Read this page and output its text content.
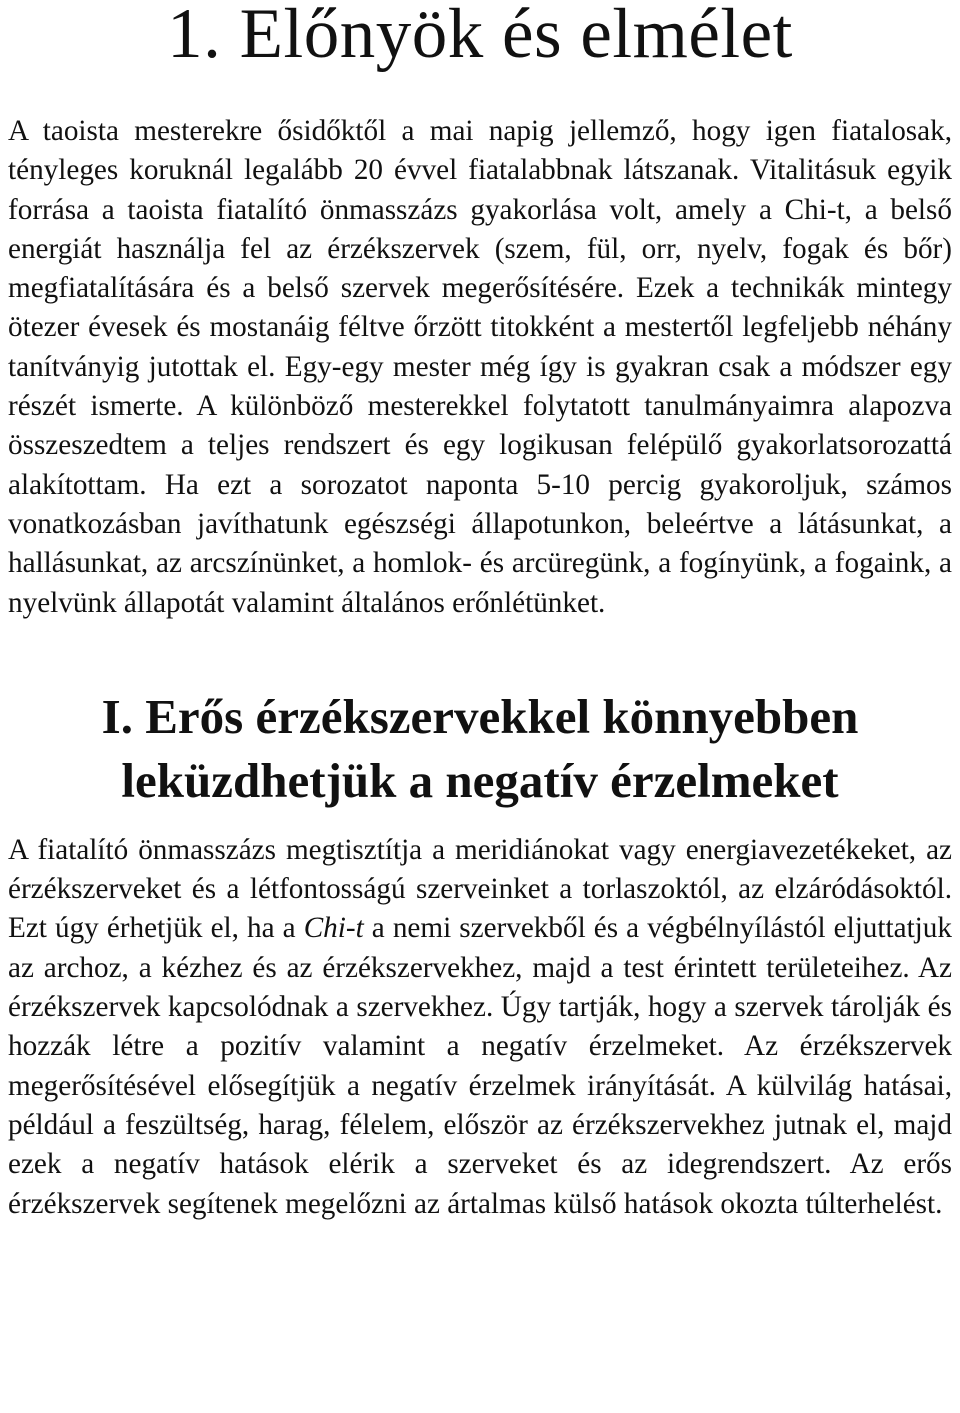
1. Előnyök és elmélet

A taoista mesterekre ősidőktől a mai napig jellemző, hogy igen fiatalosak, tényleges koruknál legalább 20 évvel fiatalabbnak látszanak. Vitalitásuk egyik forrása a taoista fiatalító önmasszázs gyakorlása volt, amely a Chi-t, a belső energiát használja fel az érzékszervek (szem, fül, orr, nyelv, fogak és bőr) megfiatalítására és a belső szervek megerősítésére. Ezek a technikák mintegy ötezer évesek és mostanáig féltve őrzött titokként a mestertől legfeljebb néhány tanítványig jutottak el. Egy-egy mester még így is gyakran csak a módszer egy részét ismerte. A különböző mesterekkel folytatott tanulmányaimra alapozva összeszedtem a teljes rendszert és egy logikusan felépülő gyakorlatsorozattá alakítottam. Ha ezt a sorozatot naponta 5-10 percig gyakoroljuk, számos vonatkozásban javíthatunk egészségi állapotunkon, beleértve a látásunkat, a hallásunkat, az arcszínünket, a homlok- és arcüregünk, a fogínyünk, a fogaink, a nyelvünk állapotát valamint általános erőnlétünket.

I. Erős érzékszervekkel könnyebben
leküzdhetjük a negatív érzelmeket

A fiatalító önmasszázs megtisztítja a meridiánokat vagy energiavezetékeket, az érzékszerveket és a létfontosságú szerveinket a torlaszoktól, az elzáródásoktól. Ezt úgy érhetjük el, ha a Chi-t a nemi szervekből és a végbélnyílástól eljuttatjuk az archoz, a kézhez és az érzékszervekhez, majd a test érintett területeihez. Az érzékszervek kapcsolódnak a szervekhez. Úgy tartják, hogy a szervek tárolják és hozzák létre a pozitív valamint a negatív érzelmeket. Az érzékszervek megerősítésével elősegítjük a negatív érzelmek irányítását. A külvilág hatásai, például a feszültség, harag, félelem, először az érzékszervekhez jutnak el, majd ezek a negatív hatások elérik a szerveket és az idegrendszert. Az erős érzékszervek segítenek megelőzni az ártalmas külső hatások okozta túlterhelést.
